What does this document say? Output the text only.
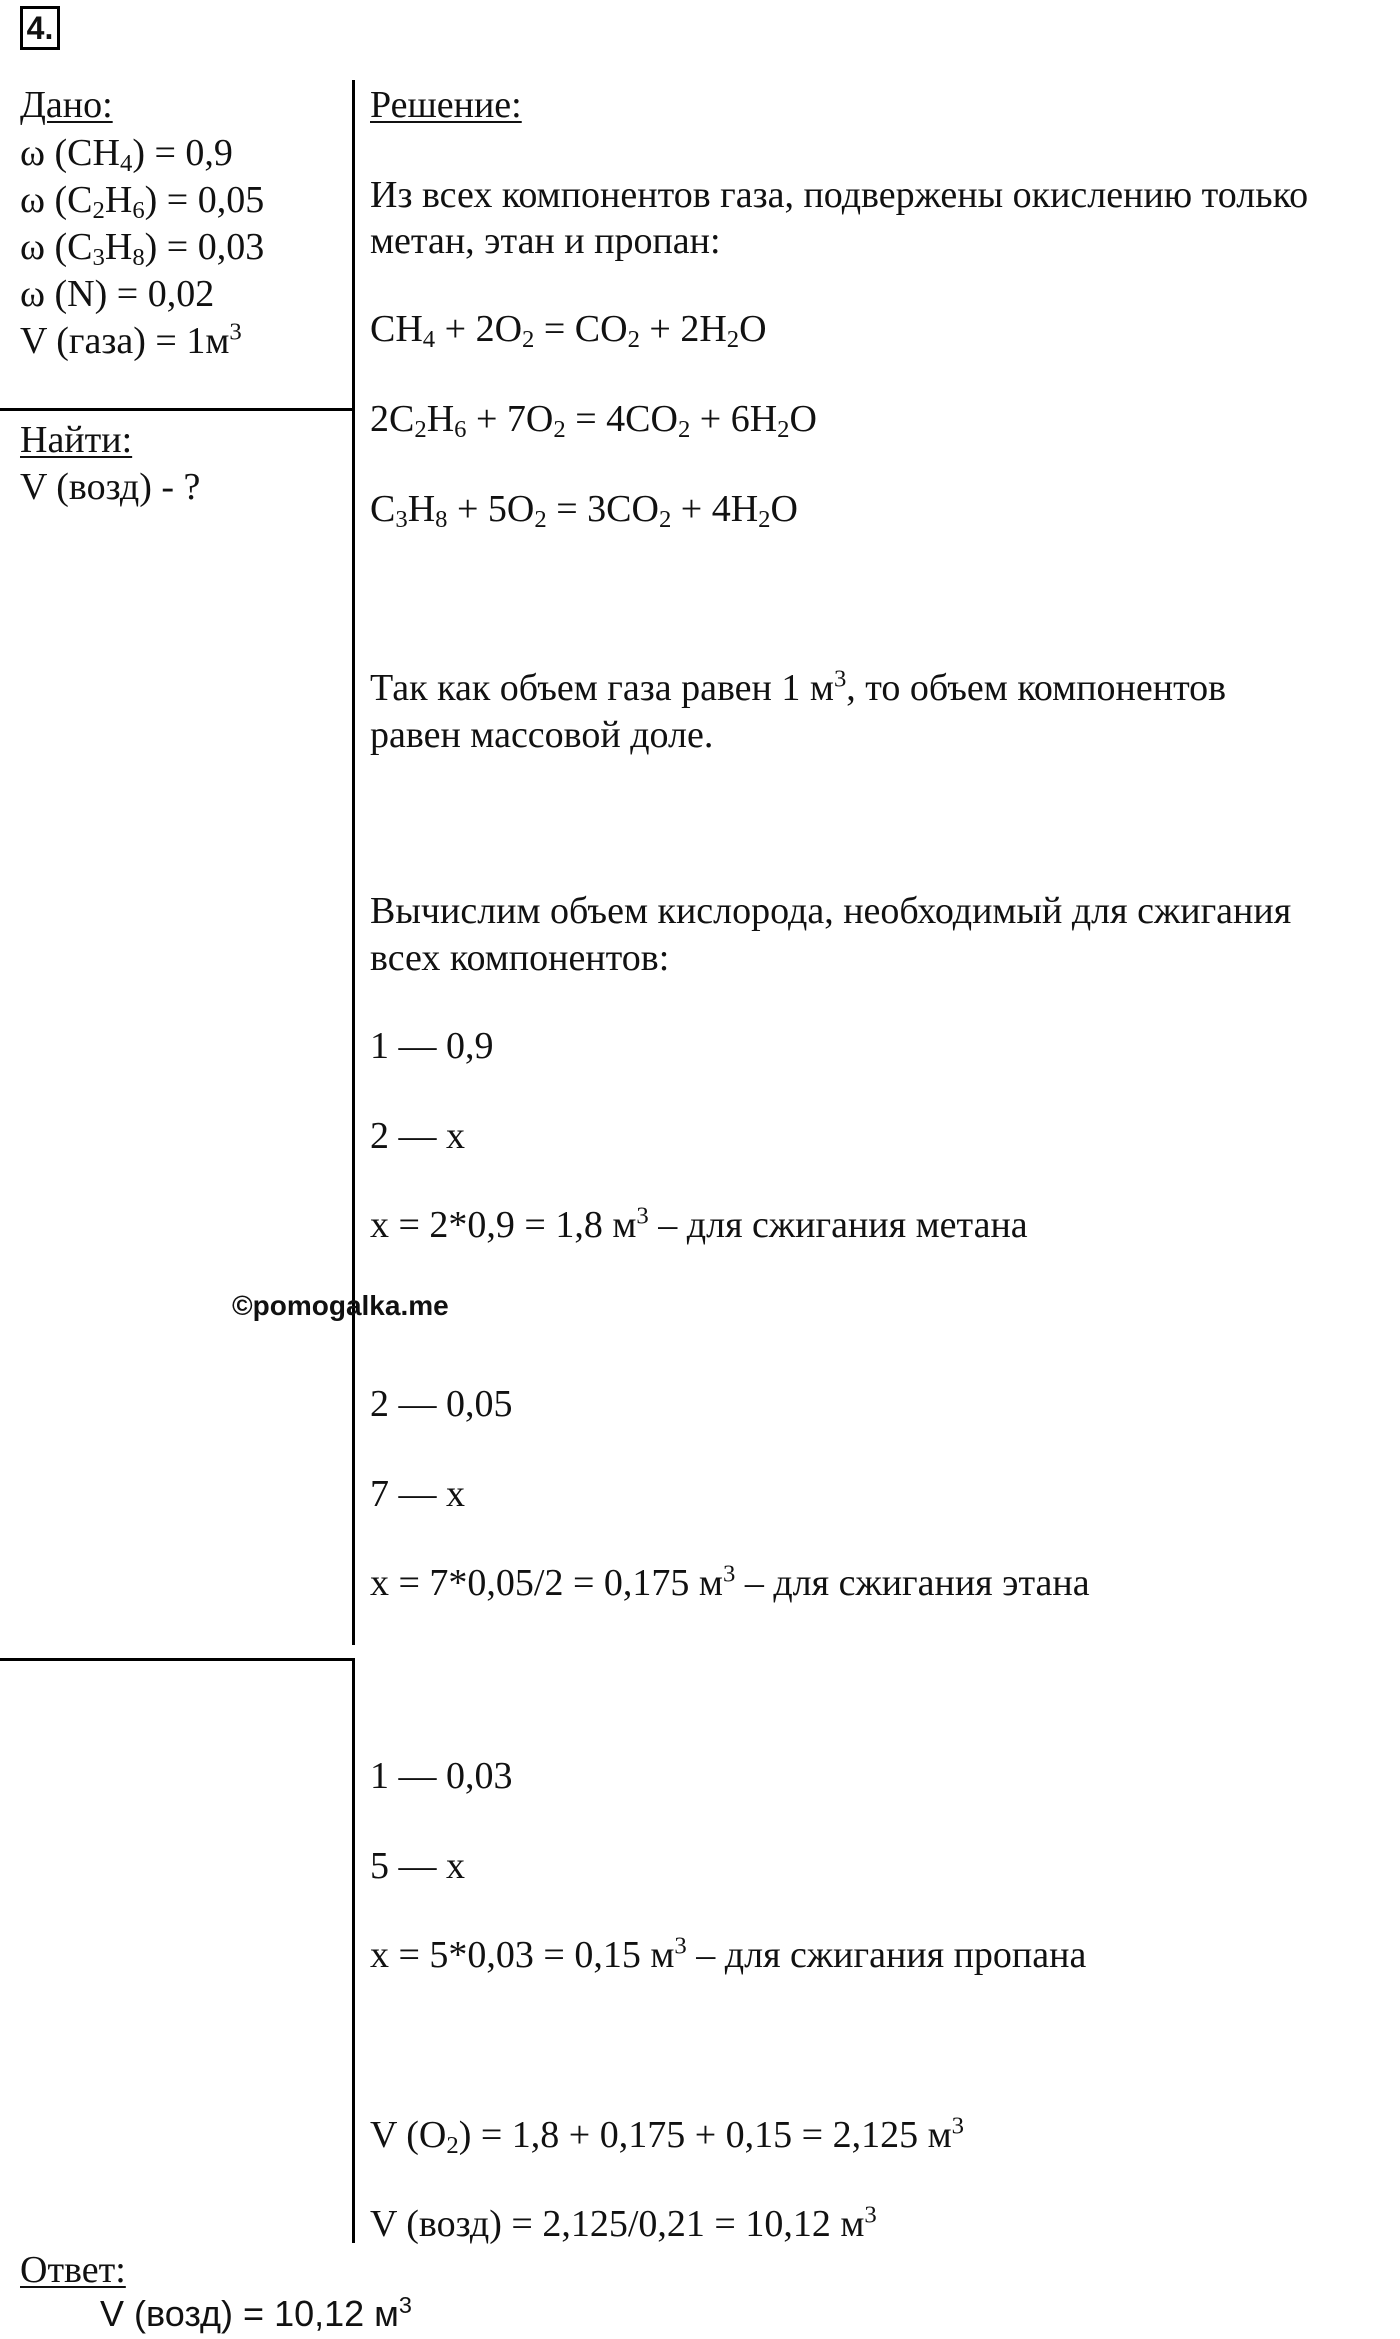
4.
Дано:
ω $(CH_4) = 0,9$
ω $(C_2H_6) = 0,05$
ω $(C_3H_8) = 0,03$
ω (N) = 0,02
V (газа) = $1м^3$
Найти:
V (возд) - ?
Решение:
Из всех компонентов газа, подвержены окислению только
метан, этан и пропан:
$CH_4 + 2O_2 = CO_2 + 2H_2O$
$2C_2H_6 + 7O_2 = 4CO_2 + 6H_2O$
$C_3H_8 + 5O_2 = 3CO_2 + 4H_2O$
Так как объем газа равен 1 $м^3$, то объем компонентов
равен массовой доле.
Вычислим объем кислорода, необходимый для сжигания
всех компонентов:
1 — 0,9
2 — x
x = 2*0,9 = 1,8 $м^3$ – для сжигания метана
©pomogalka.me
2 — 0,05
7 — x
x = 7*0,05/2 = 0,175 $м^3$ – для сжигания этана
1 — 0,03
5 — x
x = 5*0,03 = 0,15 $м^3$ – для сжигания пропана
V $(O_2) = 1,8 + 0,175 + 0,15 = 2,125$ $м^3$
V (возд) = 2,125/0,21 = 10,12 $м^3$
Ответ:
V (возд) = 10,12 $м^3$
